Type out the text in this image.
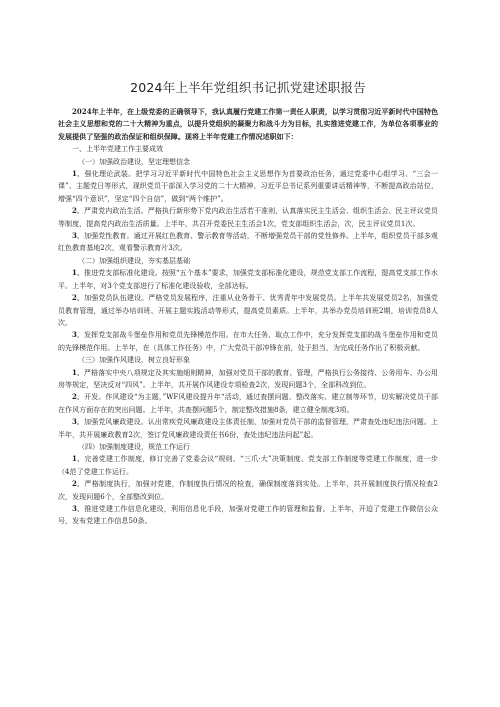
2024年上半年党组织书记抓党建述职报告

2024年上半年，在上级党委的正确领导下，我认真履行党建工作第一责任人职责，以学习贯彻习近平新时代中国特色社会主义思想和党的二十大精神为重点，以提升党组织的凝聚力和战斗力为目标，扎实推进党建工作，为单位各项事业的发展提供了坚强的政治保证和组织保障。现将上半年党建工作情况述职如下：

一、上半年党建工作主要成效

（一）加强政治建设，坚定理想信念

1．强化理论武装。把学习习近平新时代中国特色社会主义思想作为首要政治任务，通过党委中心组学习、“三会一课”、主题党日等形式，现织党员干部深入学习党的二十大精神、习近平总书记系列重要讲话精神等，不断提高政治站位，增强“四个意识”，坚定“四个自信”，做到“两个维护”。

2．严肃党内政治生活。严格执行新形势下党内政治生活若干准则，认真落实民主生活会、组织生活会、民主评议党员等制度，提高党内政治生活质量。上半年，共召开党委民主生活会1次，党支部组织生活会，次，民主评议党员1次。

3．加强党性教育。通过开展红色教育、警示教育等活动，不断增强党员干部的党性修养。上半年，组织党员干部多观红色教育基地2次，观看警示教育片3次。

（二）加强组织建设，夯实基层基础

1．推进党支部标准化建设。按照“五个基本”要求，加强党支部标准化建设，规范党支部工作流程，提高党支部工作水平。上半年，对3个党支部进行了标准化建设验收，全部达标。

2．加强党员队伍建设。严格党员发展程序，注重从业务骨干、优秀青年中发展党员。上半年共发展党员2名，加强党员教育管理，通过举办培训班、开展主题实践活动等形式，提高党员素质。上半年，共举办党员培训班2期，培训党员8人次。

3．发挥党支部战斗堡垒作用和党员先锋模范作用。在市大任务、取点工作中，充分发挥党支部的战斗堡垒作用和党员的先锋模范作用。上半年，在（具体工作任务）中，广大党员干部冲锋在前，处于担当，为完成任务作出了积极贡献。

（三）加强作风建设，树立良好形象

1．严格落实中央八项规定及其实施细则精神，加强对党员干部的教育、管理，严格执行公务接待、公务用车、办公用房等规定，坚决反对“四风”。上半年，共开展作风建设专项检查2次，发现问题3个，全部科改到位。

2．开发。作风建设“为主题，”WF风建设提升年“活动，通过查摆问题、整改落实、建立制等环节，切实解决党员干部在作风方面存在的突出问题。上半年，共查摆问题5个，制定整改措施8条，建立健全制度3项。

3．加强党风廉政建设。认出常疾党风廉政建设主体责任制，加强对党员干部的监督管理，严肃查处违纪违法问题。上半年，共开展廉政教育2次，签订党风廉政建设责任书6份，查处违纪违法问起”起。

（四）加强制度建设，规范工作运行

1．完善党建工作制度，修订完善了党委会议“规则、“三爪·大”决策制度、党支部工作制度等党建工作制度，进一步（4范了党建工作运行。

2．严格制度执行，加强对党建，作制度执行情况的检查，确保制度落到实处。上半年，共开展制度执行情况检查2次，发现问题6个，全部整改到位。

3．推进党建工作信息化建设，利用信息化手段，加强对党建工作的管理和监督。上半年，开迫了党建工作微信公众号，发布党建工作信息50条。
